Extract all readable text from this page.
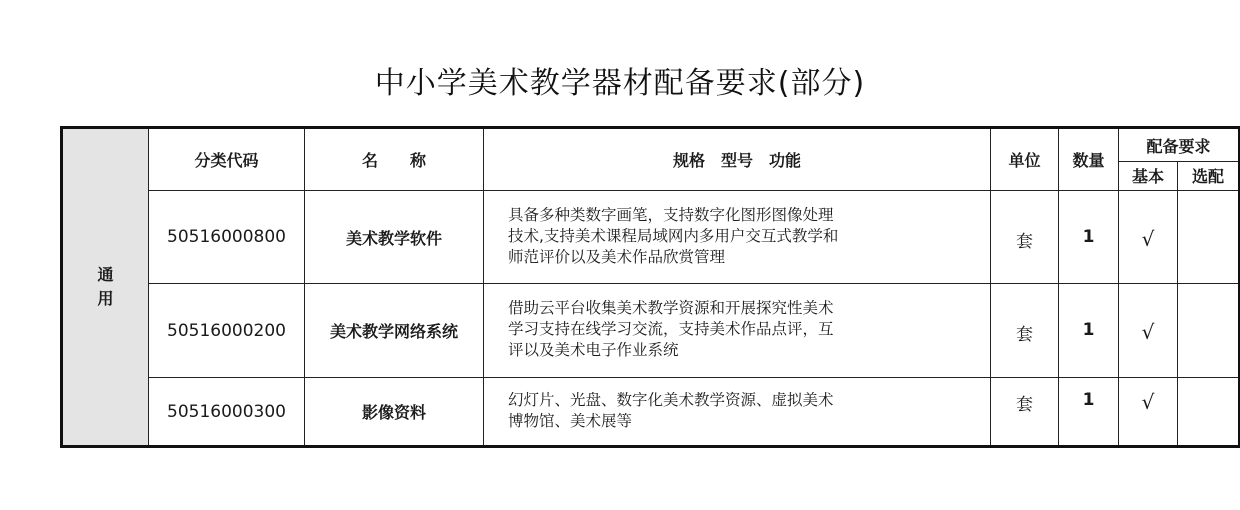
中小学美术教学器材配备要求(部分)
通
用	分类代码	名　　称	规格　型号　功能	单位	数量	配备要求	
						基本	选配
	50516000800	美术教学软件	具备多种类数字画笔，支持数字化图形图像处理
技术,支持美术课程局域网内多用户交互式教学和
师范评价以及美术作品欣赏管理	套	1	√	
	50516000200	美术教学网络系统	借助云平台收集美术教学资源和开展探究性美术
学习支持在线学习交流，支持美术作品点评，互
评以及美术电子作业系统	套	1	√	
	50516000300	影像资料	幻灯片、光盘、数字化美术教学资源、虚拟美术
博物馆、美术展等	套	1	√	
